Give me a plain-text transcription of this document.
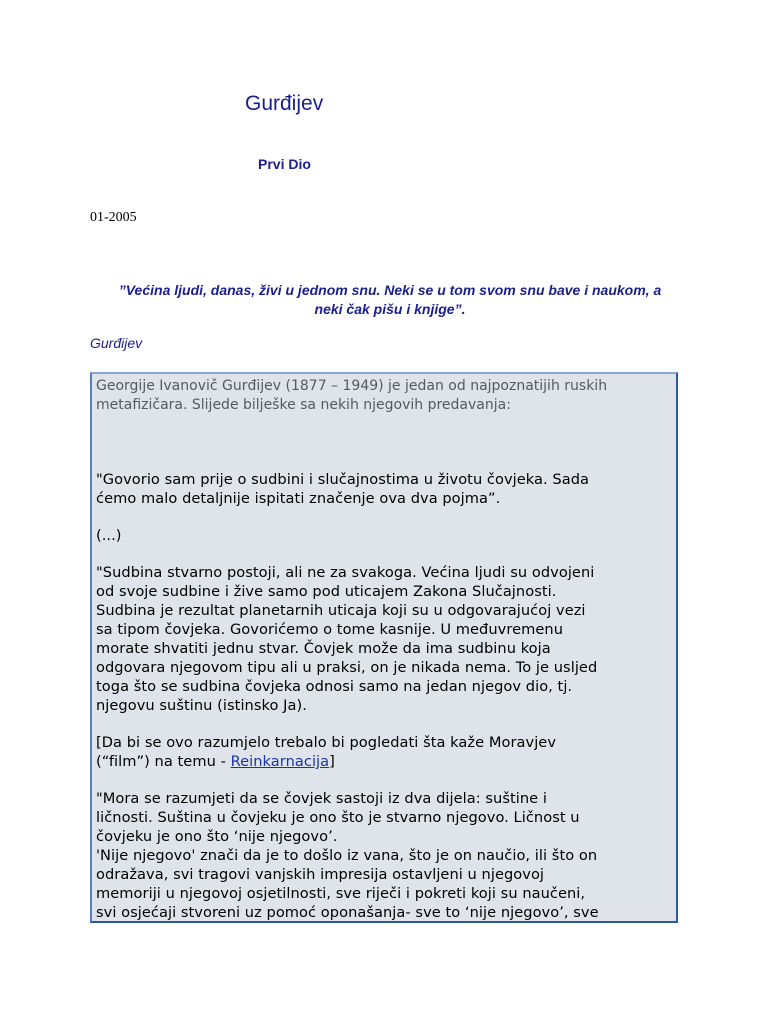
Gurđijev
Prvi Dio
01-2005
”Većina ljudi, danas, živi u jednom snu. Neki se u tom svom snu bave i naukom, a
neki čak pišu i knjige”.
Gurđijev
Georgije Ivanovič Gurđijev (1877 – 1949) je jedan od najpoznatijih ruskih
metafizičara. Slijede bilješke sa nekih njegovih predavanja:
"Govorio sam prije o sudbini i slučajnostima u životu čovjeka. Sada
ćemo malo detaljnije ispitati značenje ova dva pojma”.
(...)
"Sudbina stvarno postoji, ali ne za svakoga. Većina ljudi su odvojeni
od svoje sudbine i žive samo pod uticajem Zakona Slučajnosti.
Sudbina je rezultat planetarnih uticaja koji su u odgovarajućoj vezi
sa tipom čovjeka. Govorićemo o tome kasnije. U međuvremenu
morate shvatiti jednu stvar. Čovjek može da ima sudbinu koja
odgovara njegovom tipu ali u praksi, on je nikada nema. To je usljed
toga što se sudbina čovjeka odnosi samo na jedan njegov dio, tj.
njegovu suštinu (istinsko Ja).
[Da bi se ovo razumjelo trebalo bi pogledati šta kaže Moravjev
(“film”) na temu - Reinkarnacija]
"Mora se razumjeti da se čovjek sastoji iz dva dijela: suštine i
ličnosti. Suština u čovjeku je ono što je stvarno njegovo. Ličnost u
čovjeku je ono što ‘nije njegovo’.
'Nije njegovo' znači da je to došlo iz vana, što je on naučio, ili što on
odražava, svi tragovi vanjskih impresija ostavljeni u njegovoj
memoriji u njegovoj osjetilnosti, sve riječi i pokreti koji su naučeni,
svi osjećaji stvoreni uz pomoć oponašanja- sve to ‘nije njegovo’, sve
